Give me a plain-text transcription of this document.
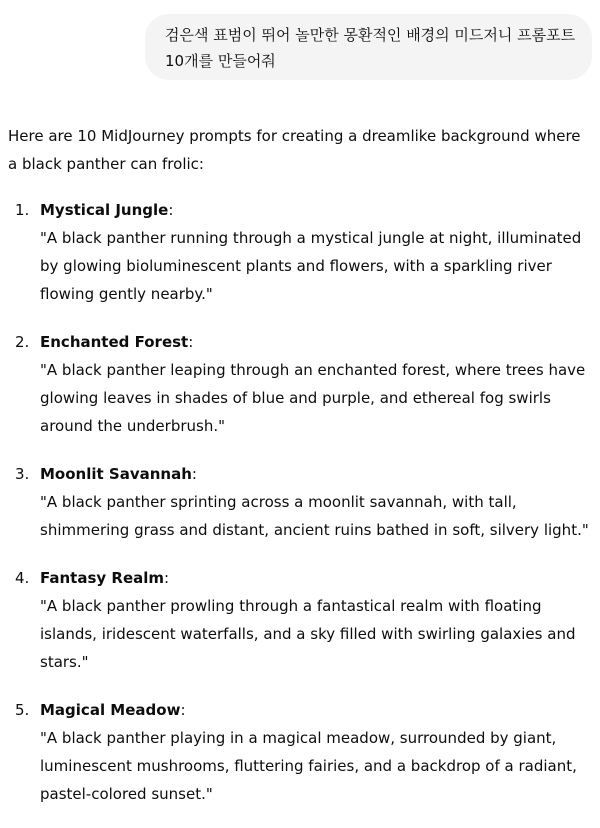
검은색 표범이 뛰어 놀만한 몽환적인 배경의 미드저니 프롬포트 10개를 만들어줘
Here are 10 MidJourney prompts for creating a dreamlike background where a black panther can frolic:
1. Mystical Jungle:
"A black panther running through a mystical jungle at night, illuminated by glowing bioluminescent plants and flowers, with a sparkling river flowing gently nearby."
2. Enchanted Forest:
"A black panther leaping through an enchanted forest, where trees have glowing leaves in shades of blue and purple, and ethereal fog swirls around the underbrush."
3. Moonlit Savannah:
"A black panther sprinting across a moonlit savannah, with tall, shimmering grass and distant, ancient ruins bathed in soft, silvery light."
4. Fantasy Realm:
"A black panther prowling through a fantastical realm with floating islands, iridescent waterfalls, and a sky filled with swirling galaxies and stars."
5. Magical Meadow:
"A black panther playing in a magical meadow, surrounded by giant, luminescent mushrooms, fluttering fairies, and a backdrop of a radiant, pastel-colored sunset."
